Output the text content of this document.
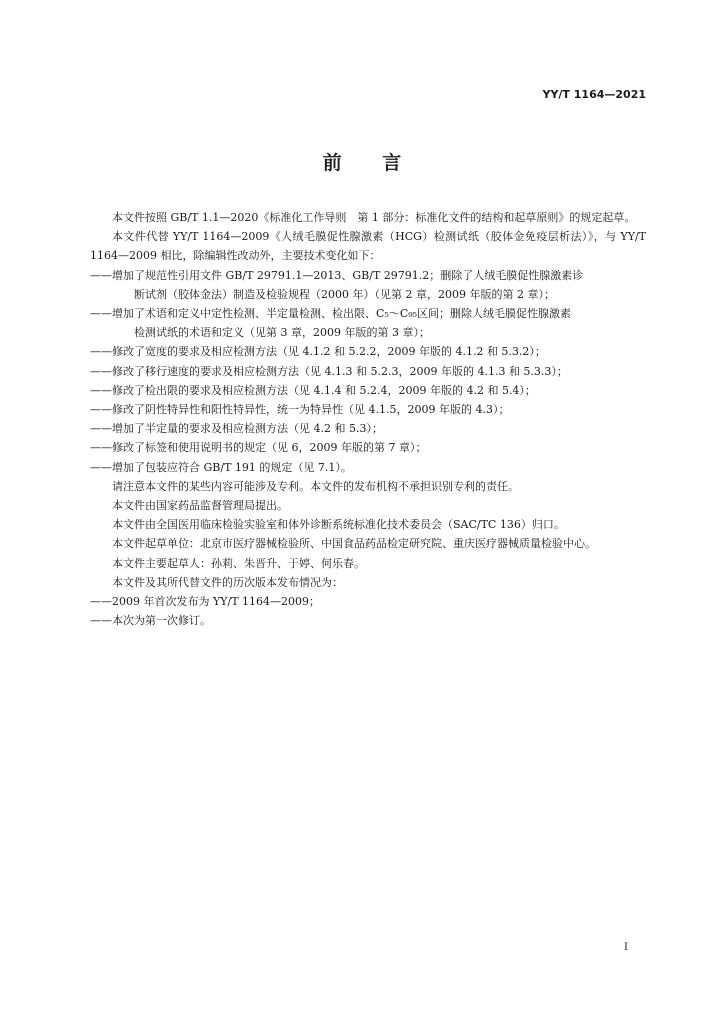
YY/T 1164—2021
前 言

本文件按照 GB/T 1.1—2020《标准化工作导则　第 1 部分：标准化文件的结构和起草原则》的规定起草。

本文件代替 YY/T 1164—2009《人绒毛膜促性腺激素（HCG）检测试纸（胶体金免疫层析法）》，与 YY/T 1164—2009 相比，除编辑性改动外，主要技术变化如下：

——增加了规范性引用文件 GB/T 29791.1—2013、GB/T 29791.2；删除了人绒毛膜促性腺激素诊

断试剂（胶体金法）制造及检验规程（2000 年）（见第 2 章，2009 年版的第 2 章）；

——增加了术语和定义中定性检测、半定量检测、检出限、C₅～C₉₅区间；删除人绒毛膜促性腺激素

检测试纸的术语和定义（见第 3 章，2009 年版的第 3 章）；

——修改了宽度的要求及相应检测方法（见 4.1.2 和 5.2.2，2009 年版的 4.1.2 和 5.3.2）；

——修改了移行速度的要求及相应检测方法（见 4.1.3 和 5.2.3，2009 年版的 4.1.3 和 5.3.3）；

——修改了检出限的要求及相应检测方法（见 4.1.4 和 5.2.4，2009 年版的 4.2 和 5.4）；

——修改了阴性特异性和阳性特异性，统一为特异性（见 4.1.5，2009 年版的 4.3）；

——增加了半定量的要求及相应检测方法（见 4.2 和 5.3）；

——修改了标签和使用说明书的规定（见 6，2009 年版的第 7 章）；

——增加了包装应符合 GB/T 191 的规定（见 7.1）。

请注意本文件的某些内容可能涉及专利。本文件的发布机构不承担识别专利的责任。

本文件由国家药品监督管理局提出。

本文件由全国医用临床检验实验室和体外诊断系统标准化技术委员会（SAC/TC 136）归口。

本文件起草单位：北京市医疗器械检验所、中国食品药品检定研究院、重庆医疗器械质量检验中心。

本文件主要起草人：孙莉、朱晋升、于婷、何乐春。

本文件及其所代替文件的历次版本发布情况为：

——2009 年首次发布为 YY/T 1164—2009；

——本次为第一次修订。

I
